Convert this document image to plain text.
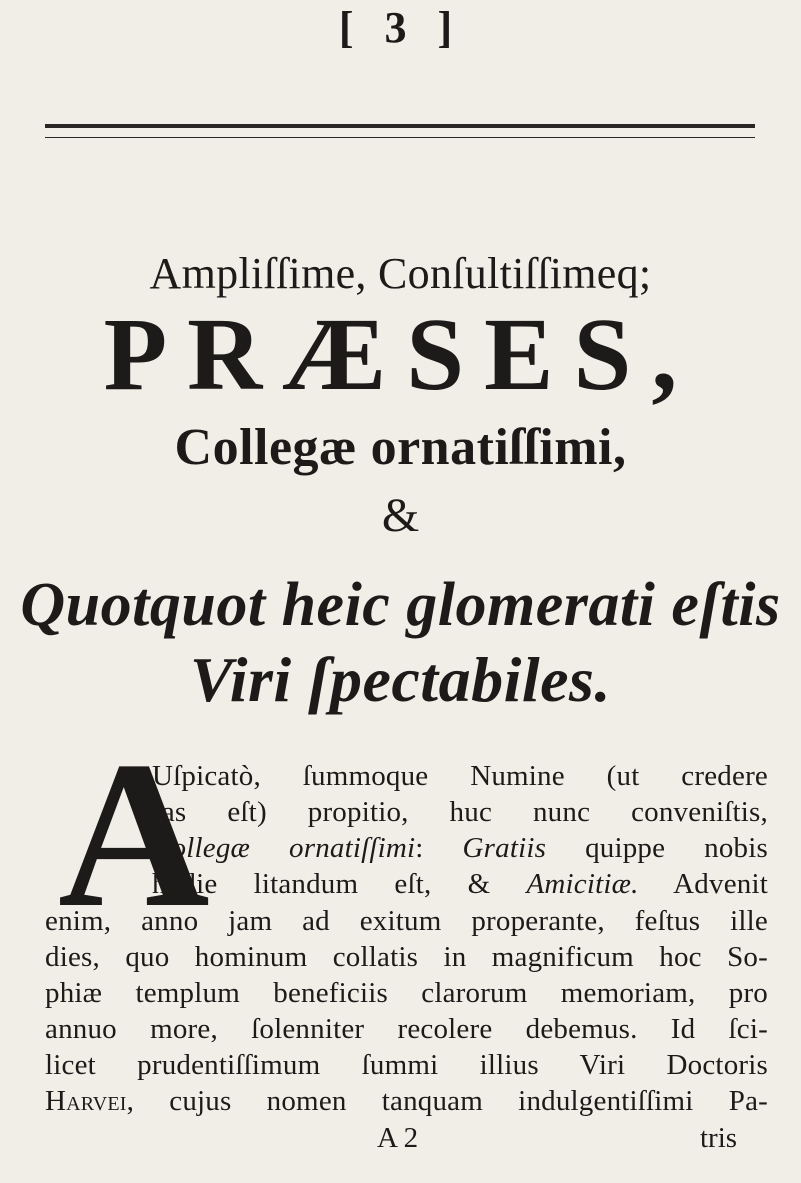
[ 3 ]
Ampliſſime, Conſultiſſimeq;
PRÆSES,
Collegæ ornatiſſimi,
&
Quotquot heic glomerati eſtis
Viri ſpectabiles.
A
Uſpicatò, ſummoque Numine (ut credere
fas eſt) propitio, huc nunc conveniſtis,
Collegæ ornatiſſimi: Gratiis quippe nobis
hodie litandum eſt, & Amicitiæ. Advenit
enim, anno jam ad exitum properante, feſtus ille
dies, quo hominum collatis in magnificum hoc So-
phiæ templum beneficiis clarorum memoriam, pro
annuo more, ſolenniter recolere debemus. Id ſci-
licet prudentiſſimum ſummi illius Viri Doctoris
Harvei, cujus nomen tanquam indulgentiſſimi Pa-
A 2	tris
